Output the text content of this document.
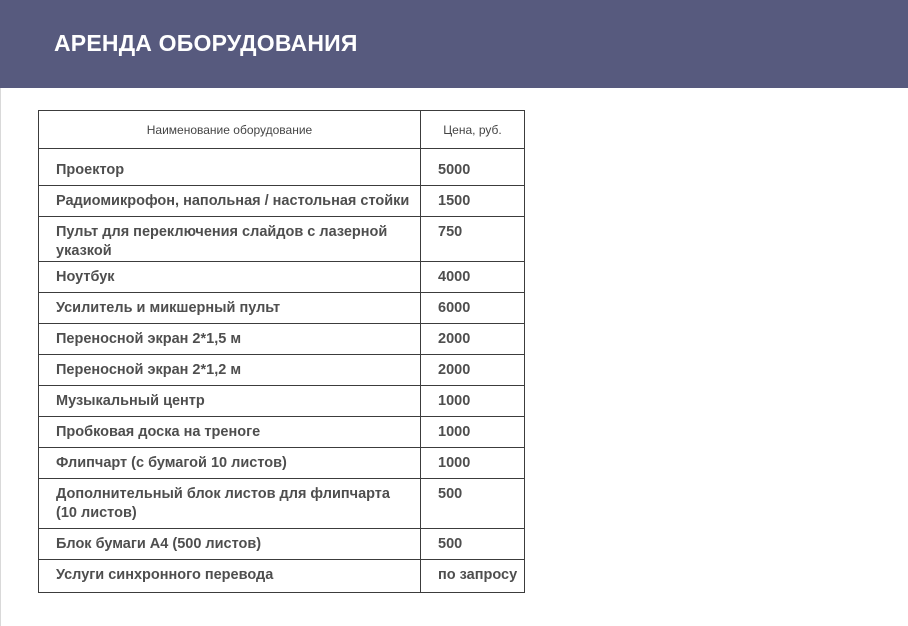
АРЕНДА ОБОРУДОВАНИЯ
Наименование оборудование	Цена, руб.
Проектор	5000
Радиомикрофон, напольная / настольная стойки	1500
Пульт для переключения слайдов с лазерной указкой	750
Ноутбук	4000
Усилитель и микшерный пульт	6000
Переносной экран 2*1,5 м	2000
Переносной экран 2*1,2 м	2000
Музыкальный центр	1000
Пробковая доска на треноге	1000
Флипчарт (с бумагой 10 листов)	1000
Дополнительный блок листов для флипчарта (10 листов)	500
Блок бумаги А4 (500 листов)	500
Услуги синхронного перевода	по запросу
